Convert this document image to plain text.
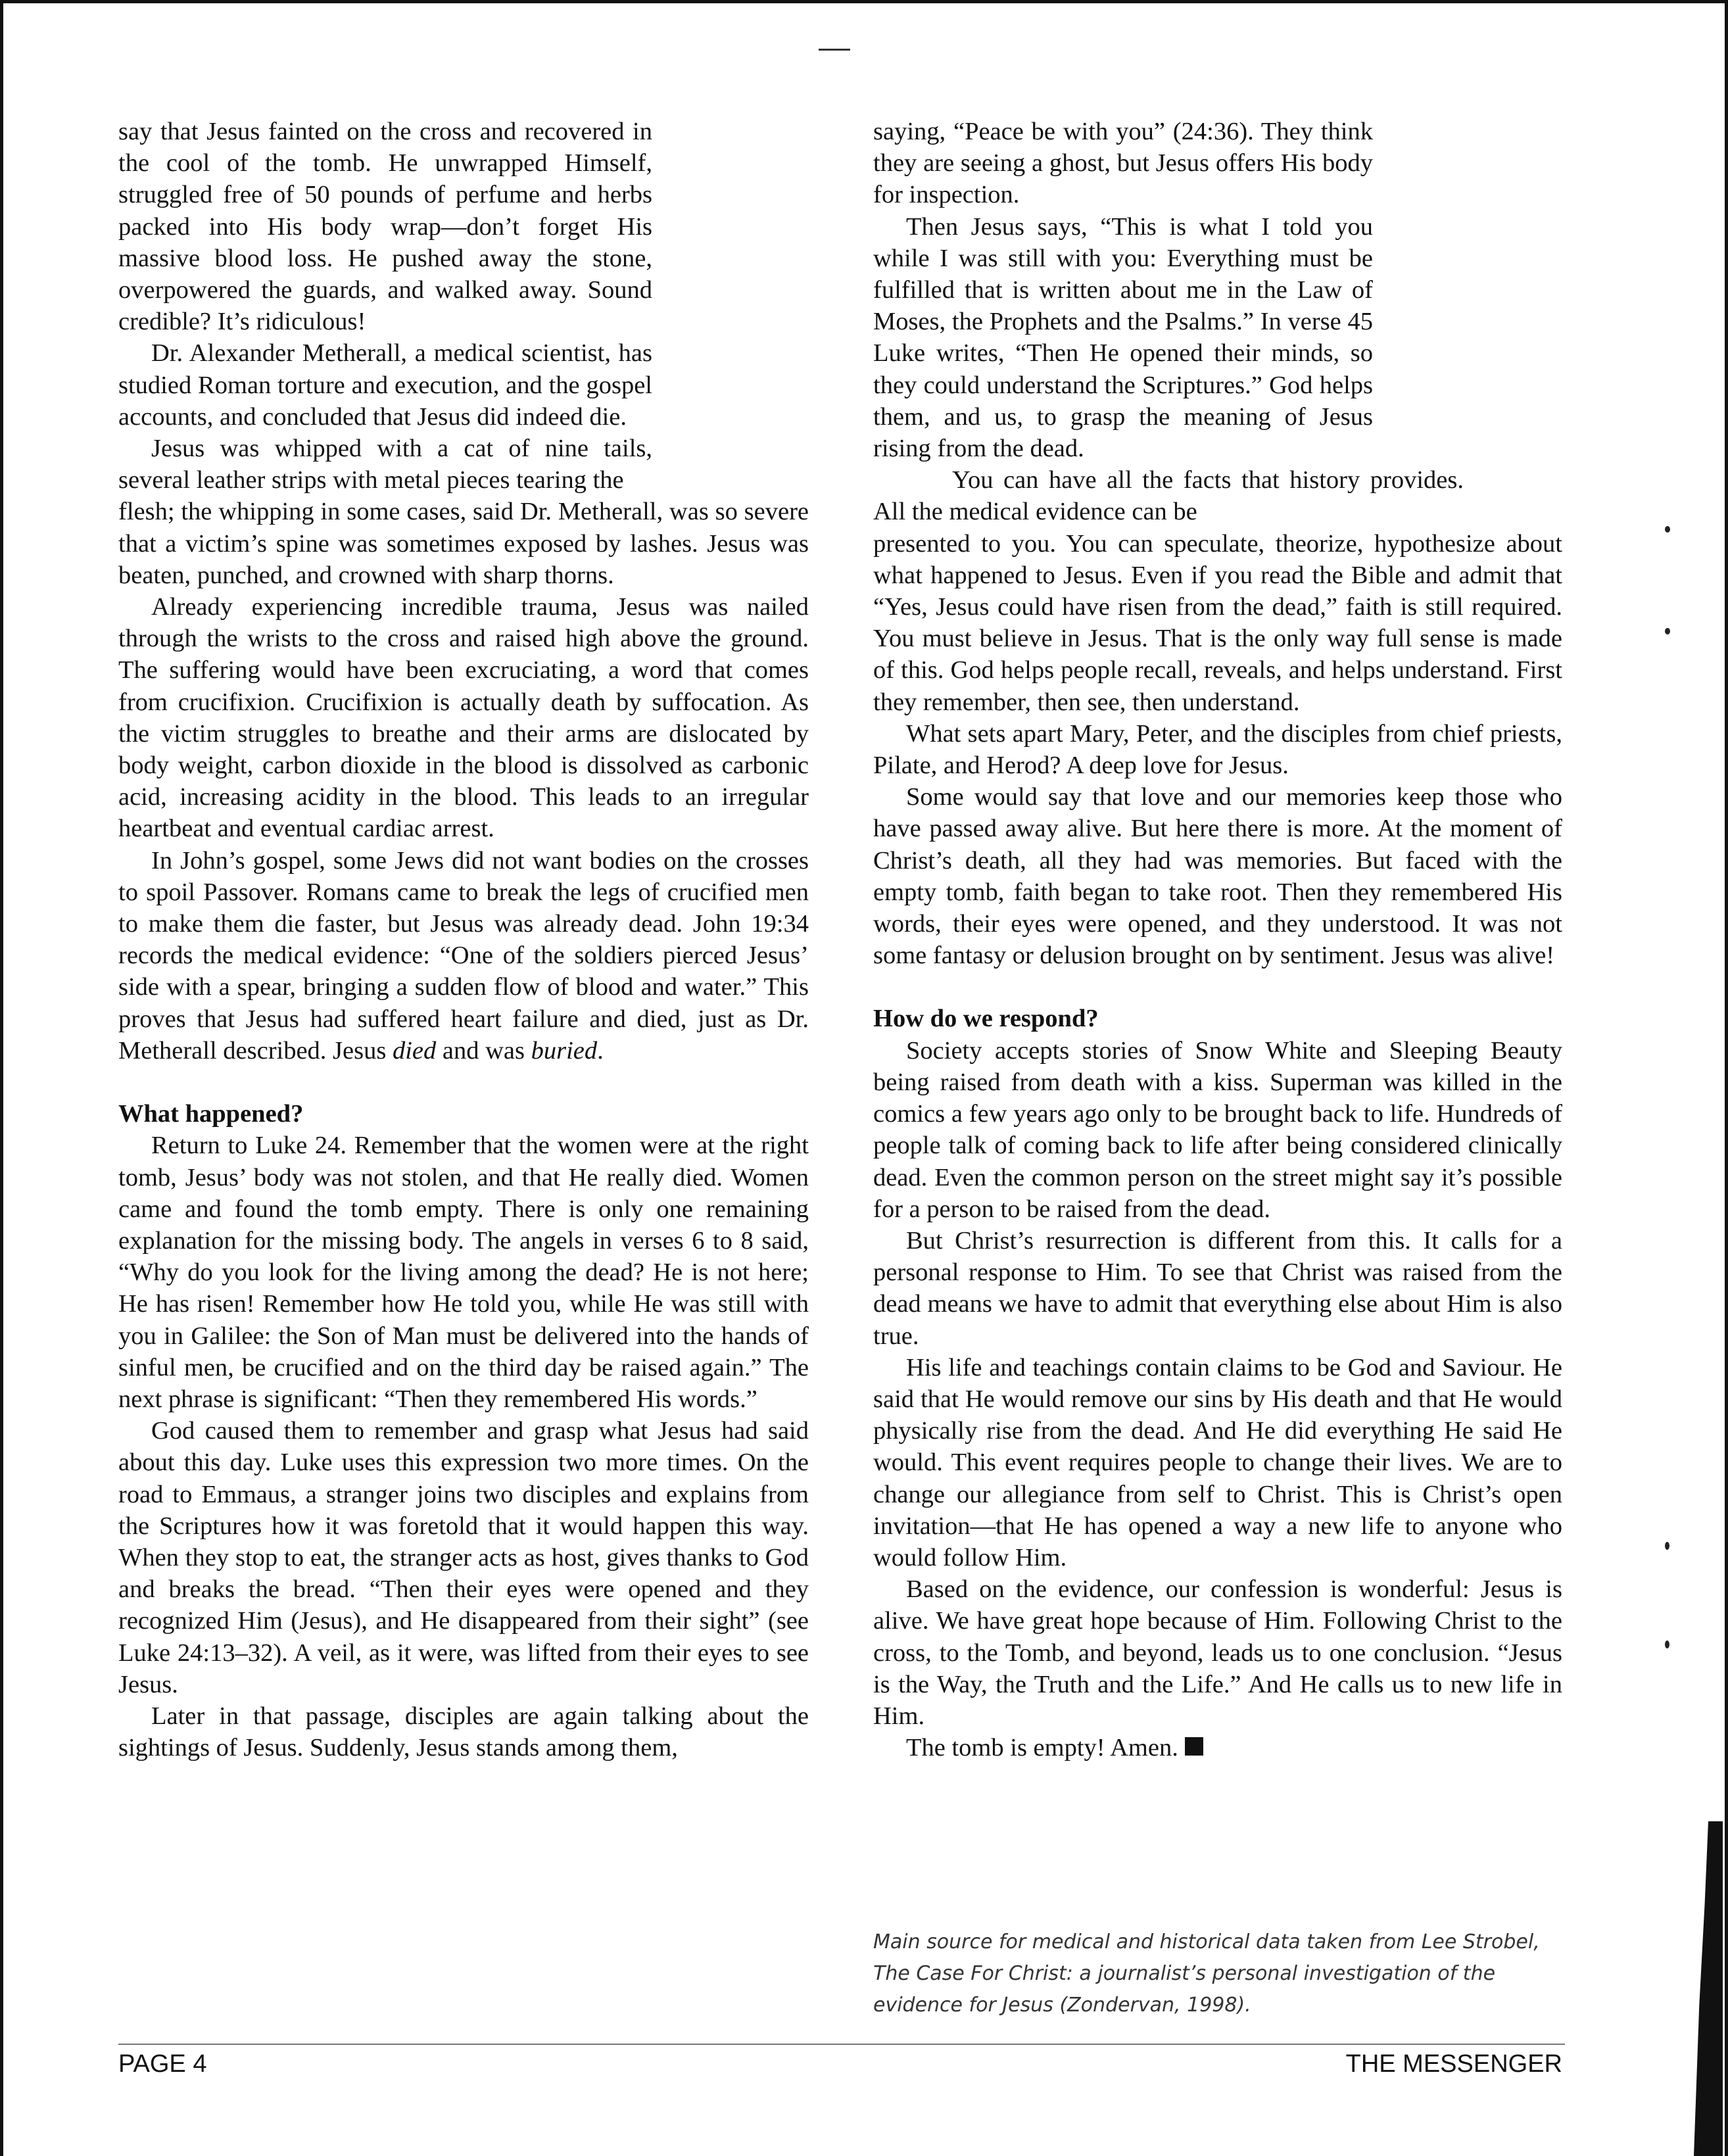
say that Jesus fainted on the cross and recovered in the cool of the tomb. He unwrapped Himself, struggled free of 50 pounds of perfume and herbs packed into His body wrap—don’t forget His massive blood loss. He pushed away the stone, overpowered the guards, and walked away. Sound credible? It’s ridiculous!

Dr. Alexander Metherall, a medical scientist, has studied Roman torture and execution, and the gospel accounts, and concluded that Jesus did indeed die.

Jesus was whipped with a cat of nine tails, several leather strips with metal pieces tearing the

flesh; the whipping in some cases, said Dr. Metherall, was so severe that a victim’s spine was sometimes exposed by lashes. Jesus was beaten, punched, and crowned with sharp thorns.

Already experiencing incredible trauma, Jesus was nailed through the wrists to the cross and raised high above the ground. The suffering would have been excruciating, a word that comes from crucifixion. Crucifixion is actually death by suffocation. As the victim struggles to breathe and their arms are dislocated by body weight, carbon dioxide in the blood is dissolved as carbonic acid, increasing acidity in the blood. This leads to an irregular heartbeat and eventual cardiac arrest.

In John’s gospel, some Jews did not want bodies on the crosses to spoil Passover. Romans came to break the legs of crucified men to make them die faster, but Jesus was already dead. John 19:34 records the medical evidence: “One of the soldiers pierced Jesus’ side with a spear, bringing a sudden flow of blood and water.” This proves that Jesus had suffered heart failure and died, just as Dr. Metherall described. Jesus died and was buried.

What happened?

Return to Luke 24. Remember that the women were at the right tomb, Jesus’ body was not stolen, and that He really died. Women came and found the tomb empty. There is only one remaining explanation for the missing body. The angels in verses 6 to 8 said, “Why do you look for the living among the dead? He is not here; He has risen! Remember how He told you, while He was still with you in Galilee: the Son of Man must be delivered into the hands of sinful men, be crucified and on the third day be raised again.” The next phrase is significant: “Then they remembered His words.”

God caused them to remember and grasp what Jesus had said about this day. Luke uses this expression two more times. On the road to Emmaus, a stranger joins two disciples and explains from the Scriptures how it was foretold that it would happen this way. When they stop to eat, the stranger acts as host, gives thanks to God and breaks the bread. “Then their eyes were opened and they recognized Him (Jesus), and He disappeared from their sight” (see Luke 24:13–32). A veil, as it were, was lifted from their eyes to see Jesus.

Later in that passage, disciples are again talking about the sightings of Jesus. Suddenly, Jesus stands among them,

saying, “Peace be with you” (24:36). They think they are seeing a ghost, but Jesus offers His body for inspection.

Then Jesus says, “This is what I told you while I was still with you: Everything must be fulfilled that is written about me in the Law of Moses, the Prophets and the Psalms.” In verse 45 Luke writes, “Then He opened their minds, so they could understand the Scriptures.” God helps them, and us, to grasp the meaning of Jesus rising from the dead.

You can have all the facts that history provides. All the medical evidence can be

presented to you. You can speculate, theorize, hypothesize about what happened to Jesus. Even if you read the Bible and admit that “Yes, Jesus could have risen from the dead,” faith is still required. You must believe in Jesus. That is the only way full sense is made of this. God helps people recall, reveals, and helps understand. First they remember, then see, then understand.

What sets apart Mary, Peter, and the disciples from chief priests, Pilate, and Herod? A deep love for Jesus.

Some would say that love and our memories keep those who have passed away alive. But here there is more. At the moment of Christ’s death, all they had was memories. But faced with the empty tomb, faith began to take root. Then they remembered His words, their eyes were opened, and they understood. It was not some fantasy or delusion brought on by sentiment. Jesus was alive!

How do we respond?

Society accepts stories of Snow White and Sleeping Beauty being raised from death with a kiss. Superman was killed in the comics a few years ago only to be brought back to life. Hundreds of people talk of coming back to life after being considered clinically dead. Even the common person on the street might say it’s possible for a person to be raised from the dead.

But Christ’s resurrection is different from this. It calls for a personal response to Him. To see that Christ was raised from the dead means we have to admit that everything else about Him is also true.

His life and teachings contain claims to be God and Saviour. He said that He would remove our sins by His death and that He would physically rise from the dead. And He did everything He said He would. This event requires people to change their lives. We are to change our allegiance from self to Christ. This is Christ’s open invitation—that He has opened a way a new life to anyone who would follow Him.

Based on the evidence, our confession is wonderful: Jesus is alive. We have great hope because of Him. Following Christ to the cross, to the Tomb, and beyond, leads us to one conclusion. “Jesus is the Way, the Truth and the Life.” And He calls us to new life in Him.

The tomb is empty! Amen.

Main source for medical and historical data taken from Lee Strobel, The Case For Christ: a journalist’s personal investigation of the evidence for Jesus (Zondervan, 1998).
PAGE 4	THE MESSENGER
